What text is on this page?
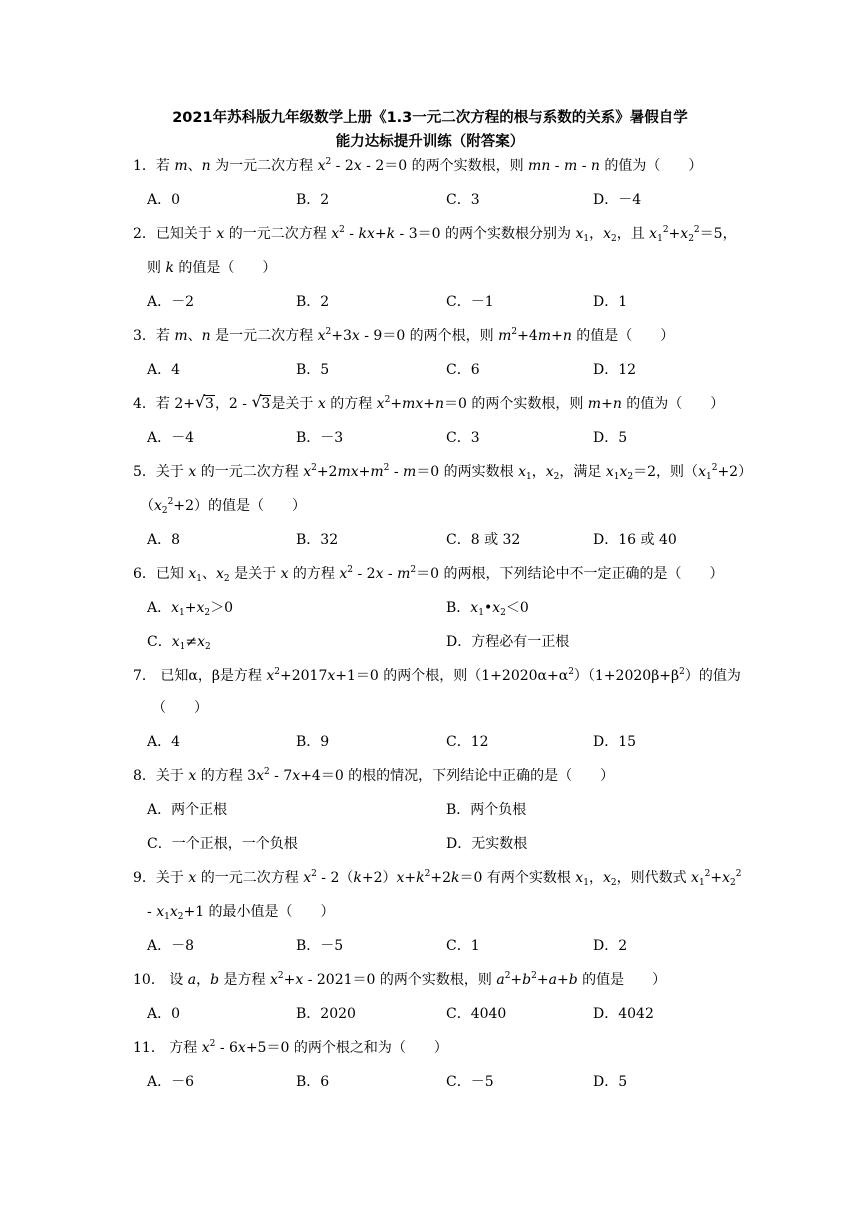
2021年苏科版九年级数学上册《1.3一元二次方程的根与系数的关系》暑假自学
能力达标提升训练（附答案）
1．若 m、n 为一元二次方程 $x^2 - 2x - 2=0$ 的两个实数根，则 mn - m - n 的值为（　　）
A．0	B．2	C．3	D．－4
2．已知关于 x 的一元二次方程 $x^2 - kx+k - 3=0$ 的两个实数根分别为 $x_1$，$x_2$，且 $x_1^2+x_2^2=5$，
则 k 的值是（　　）
A．－2	B．2	C．－1	D．1
3．若 m、n 是一元二次方程 $x^2+3x - 9=0$ 的两个根，则 $m^2+4m+n$ 的值是（　　）
A．4	B．5	C．6	D．12
4．若 2+√ 3，2 - √ 3是关于 x 的方程 $x^2+mx+n=0$ 的两个实数根，则 m+n 的值为（　　）
A．－4	B．－3	C．3	D．5
5．关于 x 的一元二次方程 $x^2+2mx+m^2 - m=0$ 的两实数根 $x_1$，$x_2$，满足 $x_1x_2=2$，则$(x_1^2+2)$
$(x_2^2+2)$的值是（　　）
A．8	B．32	C．8 或 32	D．16 或 40
6．已知 $x_1$、$x_2$ 是关于 x 的方程 $x^2 - 2x - m^2=0$ 的两根，下列结论中不一定正确的是（　　）
A．$x_1+x_2>0$	B．$x_1•x_2<0$
C．$x_1\ne x_2$	D．方程必有一正根
7． 已知α，β是方程 $x^2+2017x+1=0$ 的两个根，则$(1+2020\alpha+\alpha^2)(1+2020\beta+\beta^2)$的值为
（　　）
A．4	B．9	C．12	D．15
8．关于 x 的方程 $3x^2 - 7x+4=0$ 的根的情况，下列结论中正确的是（　　）
A．两个正根	B．两个负根
C．一个正根，一个负根	D．无实数根
9．关于 x 的一元二次方程 $x^2 - 2(k+2)x+k^2+2k=0$ 有两个实数根 $x_1$，$x_2$，则代数式 $x_1^2+x_2^2$
- $x_1x_2+1$ 的最小值是（　　）
A．－8	B．－5	C．1	D．2
10． 设 a，b 是方程 $x^2+x - 2021=0$ 的两个实数根，则 $a^2+b^2+a+b$ 的值是　　）
A．0	B．2020	C．4040	D．4042
11． 方程 $x^2 - 6x+5=0$ 的两个根之和为（　　）
A．－6	B．6	C．－5	D．5
